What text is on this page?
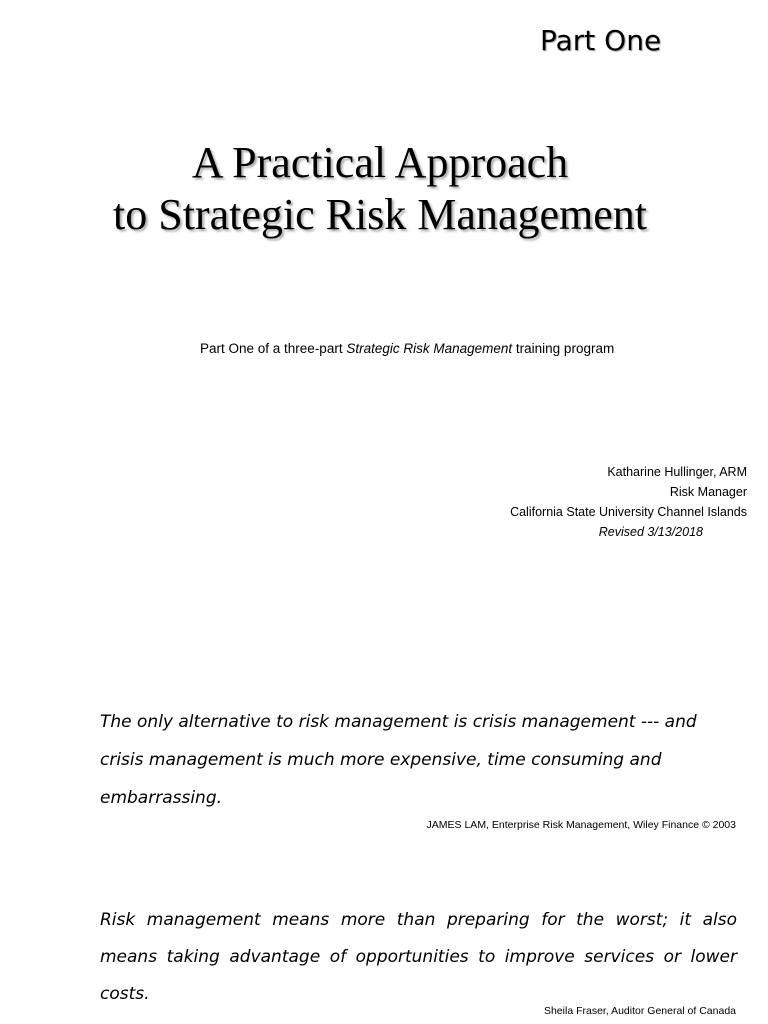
Part One
A Practical Approach
to Strategic Risk Management
Part One of a three-part Strategic Risk Management training program
Katharine Hullinger, ARM
Risk Manager
California State University Channel Islands
Revised 3/13/2018
The only alternative to risk management is crisis management --- and crisis management is much more expensive, time consuming and embarrassing.
JAMES LAM, Enterprise Risk Management, Wiley Finance © 2003
Risk management means more than preparing for the worst; it also means taking advantage of opportunities to improve services or lower costs.
Sheila Fraser, Auditor General of Canada
